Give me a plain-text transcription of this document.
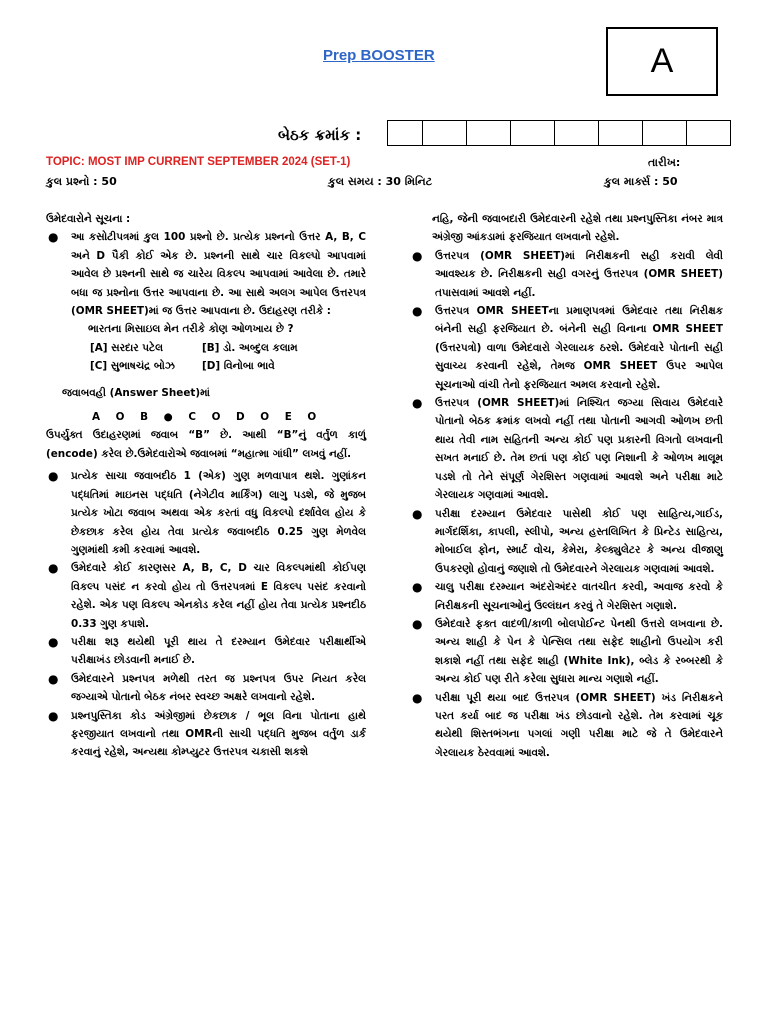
Prep BOOSTER	A
બેઠક ક્રમાંક :
TOPIC: MOST IMP CURRENT SEPTEMBER 2024 (SET-1)	તારીખ:
કુલ પ્રશ્નો : 50	કુલ સમય : 30 મિનિટ	કુલ માર્ક્સ : 50

ઉમેદવારોને સૂચના :

● આ કસોટીપત્રમાં કુલ 100 પ્રશ્નો છે. પ્રત્યેક પ્રશ્નનો ઉત્તર A, B, C અને D પૈકી કોઈ એક છે. પ્રશ્નની સાથે ચાર વિકલ્પો આપવામાં આવેલ છે પ્રશ્નની સાથે જ ચારેય વિકલ્પ આપવામાં આવેલા છે. તમારે બધા જ પ્રશ્નોના ઉત્તર આપવાના છે. આ સાથે અલગ આપેલ ઉત્તરપત્ર (OMR SHEET)માં જ ઉત્તર આપવાના છે. ઉદાહરણ તરીકે :

ભારતના મિસાઇલ મેન તરીકે કોણ ઓળખાય છે ?

[A] સરદાર પટેલ	[B] ડો. અબ્દુલ કલામ
[C] સુભાષચંદ્ર બોઝ	[D] વિનોબા ભાવે

જવાબવહી (Answer Sheet)માં

A O B ● C O D O E O

ઉપર્યુક્ત ઉદાહરણમાં જવાબ “B” છે. આથી “B”નું વર્તુળ કાળું (encode) કરેલ છે.ઉમેદવારોએ જવાબમાં “મહાત્મા ગાંધી” લખવું નહીં.

● પ્રત્યેક સાચા જવાબદીઠ 1 (એક) ગુણ મળવાપાત્ર થશે. ગુણાંકન પદ્ધતિમાં માઇનસ પદ્ધતિ (નેગેટીવ માર્કિંગ) લાગુ પડશે, જે મુજબ પ્રત્યેક ખોટા જવાબ અથવા એક કરતાં વધુ વિકલ્પો દર્શાવેલ હોય કે છેકછાક કરેલ હોય તેવા પ્રત્યેક જવાબદીઠ 0.25 ગુણ મેળવેલ ગુણમાંથી કમી કરવામાં આવશે.

● ઉમેદવારે કોઈ કારણસર A, B, C, D ચાર વિકલ્પમાંથી કોઈપણ વિકલ્પ પસંદ ન કરવો હોય તો ઉત્તરપત્રમાં E વિકલ્પ પસંદ કરવાનો રહેશે. એક પણ વિકલ્પ એનકોડ કરેલ નહીં હોય તેવા પ્રત્યેક પ્રશ્નદીઠ 0.33 ગુણ કપાશે.

● પરીક્ષા શરૂ થયેથી પૂરી થાય તે દરમ્યાન ઉમેદવાર પરીક્ષાર્થીએ પરીક્ષાખંડ છોડવાની મનાઈ છે.

● ઉમેદવારને પ્રશ્નપત્ર મળેથી તરત જ પ્રશ્નપત્ર ઉપર નિયત કરેલ જગ્યાએ પોતાનો બેઠક નંબર સ્વચ્છ અક્ષરે લખવાનો રહેશે.

● પ્રશ્નપુસ્તિકા કોડ અંગ્રેજીમાં છેકછાક / ભૂલ વિના પોતાના હાથે ફરજીયાત લખવાનો તથા OMRની સાચી પદ્ધતિ મુજબ વર્તુળ ડાર્ક કરવાનું રહેશે, અન્યથા કોમ્પ્યુટર ઉત્તરપત્ર ચકાસી શકશે

નહિ, જેની જવાબદારી ઉમેદવારની રહેશે તથા પ્રશ્નપુસ્તિકા નંબર માત્ર અંગ્રેજી આંકડામાં ફરજિયાત લખવાનો રહેશે.

● ઉત્તરપત્ર (OMR SHEET)માં નિરીક્ષકની સહી કરાવી લેવી આવશ્યક છે. નિરીક્ષકની સહી વગરનું ઉત્તરપત્ર (OMR SHEET) તપાસવામાં આવશે નહીં.

● ઉત્તરપત્ર OMR SHEETના પ્રમાણપત્રમાં ઉમેદવાર તથા નિરીક્ષક બંનેની સહી ફરજિયાત છે. બંનેની સહી વિનાના OMR SHEET (ઉત્તરપત્રો) વાળા ઉમેદવારો ગેરલાયક ઠરશે. ઉમેદવારે પોતાની સહી સુવાચ્ય કરવાની રહેશે, તેમજ OMR SHEET ઉપર આપેલ સૂચનાઓ વાંચી તેનો ફરજિયાત અમલ કરવાનો રહેશે.

● ઉત્તરપત્ર (OMR SHEET)માં નિશ્ચિત જગ્યા સિવાય ઉમેદવારે પોતાનો બેઠક ક્રમાંક લખવો નહીં તથા પોતાની આગવી ઓળખ છતી થાય તેવી નામ સહિતની અન્ય કોઈ પણ પ્રકારની વિગતો લખવાની સખત મનાઈ છે. તેમ છતાં પણ કોઈ પણ નિશાની કે ઓળખ માલૂમ પડશે તો તેને સંપૂર્ણ ગેરશિસ્ત ગણવામાં આવશે અને પરીક્ષા માટે ગેરલાયક ગણવામાં આવશે.

● પરીક્ષા દરમ્યાન ઉમેદવાર પાસેથી કોઈ પણ સાહિત્ય,ગાઈડ, માર્ગદર્શિકા, કાપલી, સ્લીપો, અન્ય હસ્તલિખિત કે પ્રિન્ટેડ સાહિત્ય, મોબાઈલ ફોન, સ્માર્ટ વોચ, કેમેરા, કેલ્ક્યુલેટર કે અન્ય વીજાણુ ઉપકરણો હોવાનું જણાશે તો ઉમેદવારને ગેરલાયક ગણવામાં આવશે.

● ચાલુ પરીક્ષા દરમ્યાન અંદરોઅંદર વાતચીત કરવી, અવાજ કરવો કે નિરીક્ષકની સૂચનાઓનું ઉલ્લંઘન કરવું તે ગેરશિસ્ત ગણાશે.

● ઉમેદવારે ફક્ત વાદળી/કાળી બોલપોઈન્ટ પેનથી ઉત્તરો લખવાના છે. અન્ય શાહી કે પેન કે પેન્સિલ તથા સફેદ શાહીનો ઉપયોગ કરી શકાશે નહીં તથા સફેદ શાહી (White Ink), બ્લેડ કે રબ્બરથી કે અન્ય કોઈ પણ રીતે કરેલા સુધારા માન્ય ગણાશે નહીં.

● પરીક્ષા પૂરી થયા બાદ ઉત્તરપત્ર (OMR SHEET) ખંડ નિરીક્ષકને પરત કર્યા બાદ જ પરીક્ષા ખંડ છોડવાનો રહેશે. તેમ કરવામાં ચૂક થયેથી શિસ્તભંગના પગલાં ગણી પરીક્ષા માટે જે તે ઉમેદવારને ગેરલાયક ઠેરવવામાં આવશે.
